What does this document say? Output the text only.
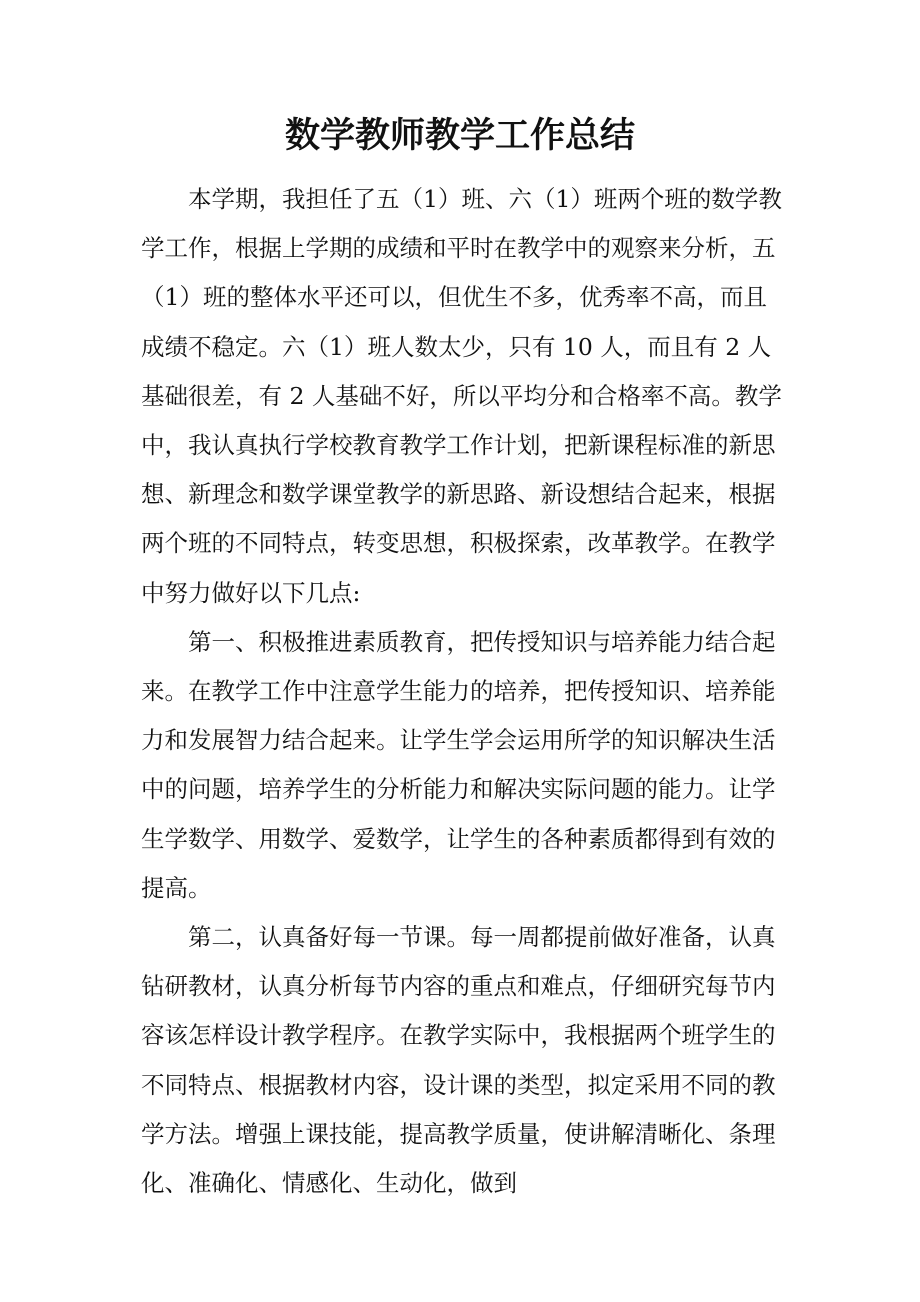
数学教师教学工作总结

本学期，我担任了五（1）班、六（1）班两个班的数学教学工作，根据上学期的成绩和平时在教学中的观察来分析，五（1）班的整体水平还可以，但优生不多，优秀率不高，而且成绩不稳定。六（1）班人数太少，只有 10 人，而且有 2 人基础很差，有 2 人基础不好，所以平均分和合格率不高。教学中，我认真执行学校教育教学工作计划，把新课程标准的新思想、新理念和数学课堂教学的新思路、新设想结合起来，根据两个班的不同特点，转变思想，积极探索，改革教学。在教学中努力做好以下几点:

第一、积极推进素质教育，把传授知识与培养能力结合起来。在教学工作中注意学生能力的培养，把传授知识、培养能力和发展智力结合起来。让学生学会运用所学的知识解决生活中的问题，培养学生的分析能力和解决实际问题的能力。让学生学数学、用数学、爱数学，让学生的各种素质都得到有效的提高。

第二，认真备好每一节课。每一周都提前做好准备，认真钻研教材，认真分析每节内容的重点和难点，仔细研究每节内容该怎样设计教学程序。在教学实际中，我根据两个班学生的不同特点、根据教材内容，设计课的类型，拟定采用不同的教学方法。增强上课技能，提高教学质量，使讲解清晰化、条理化、准确化、情感化、生动化，做到
